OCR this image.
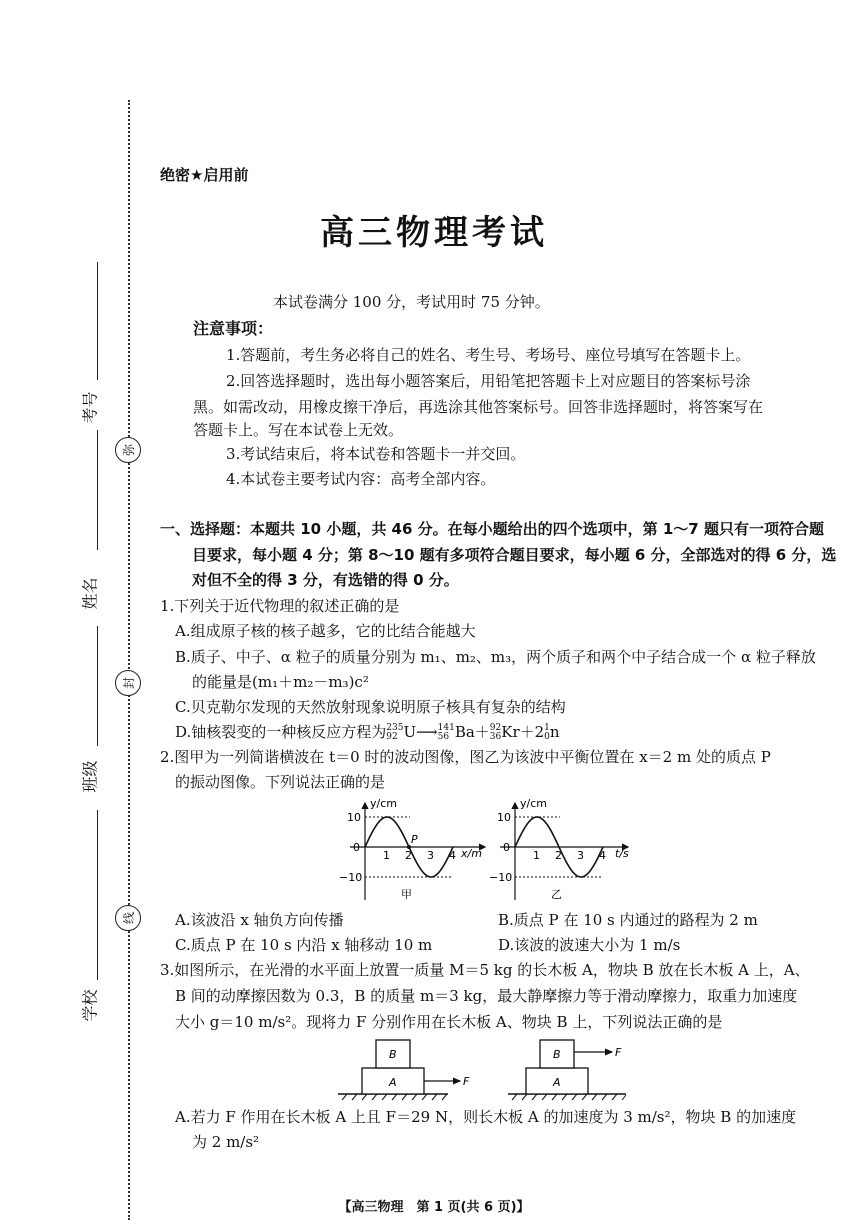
考号
姓名
班级
学校
弥
封
线
绝密★启用前
高三物理考试
本试卷满分 100 分，考试用时 75 分钟。
注意事项：
1.答题前，考生务必将自己的姓名、考生号、考场号、座位号填写在答题卡上。
2.回答选择题时，选出每小题答案后，用铅笔把答题卡上对应题目的答案标号涂
黑。如需改动，用橡皮擦干净后，再选涂其他答案标号。回答非选择题时，将答案写在
答题卡上。写在本试卷上无效。
3.考试结束后，将本试卷和答题卡一并交回。
4.本试卷主要考试内容：高考全部内容。
一、选择题：本题共 10 小题，共 46 分。在每小题给出的四个选项中，第 1～7 题只有一项符合题
目要求，每小题 4 分；第 8～10 题有多项符合题目要求，每小题 6 分，全部选对的得 6 分，选
对但不全的得 3 分，有选错的得 0 分。
1.下列关于近代物理的叙述正确的是
A.组成原子核的核子越多，它的比结合能越大
B.质子、中子、α 粒子的质量分别为 m₁、m₂、m₃，两个质子和两个中子结合成一个 α 粒子释放
的能量是(m₁＋m₂－m₃)c²
C.贝克勒尔发现的天然放射现象说明原子核具有复杂的结构
D.铀核裂变的一种核反应方程为 235
92 U⟶ 141
56 Ba＋ 92
36 Kr＋2 1
0 n
2.图甲为一列简谐横波在 t＝0 时的波动图像，图乙为该波中平衡位置在 x＝2 m 处的质点 P
的振动图像。下列说法正确的是
y/cm
x/m
10
0
−10
1 2 3 4
P
甲
y/cm
t/s
10
0
−10
1 2 3 4
乙
A.该波沿 x 轴负方向传播	B.质点 P 在 10 s 内通过的路程为 2 m
C.质点 P 在 10 s 内沿 x 轴移动 10 m	D.该波的波速大小为 1 m/s
3.如图所示，在光滑的水平面上放置一质量 M＝5 kg 的长木板 A，物块 B 放在长木板 A 上，A、
B 间的动摩擦因数为 0.3，B 的质量 m＝3 kg，最大静摩擦力等于滑动摩擦力，取重力加速度
大小 g＝10 m/s²。现将力 F 分别作用在长木板 A、物块 B 上，下列说法正确的是
A
B
F	A
B	F
A.若力 F 作用在长木板 A 上且 F＝29 N，则长木板 A 的加速度为 3 m/s²，物块 B 的加速度
为 2 m/s²
【高三物理　第 1 页(共 6 页)】
